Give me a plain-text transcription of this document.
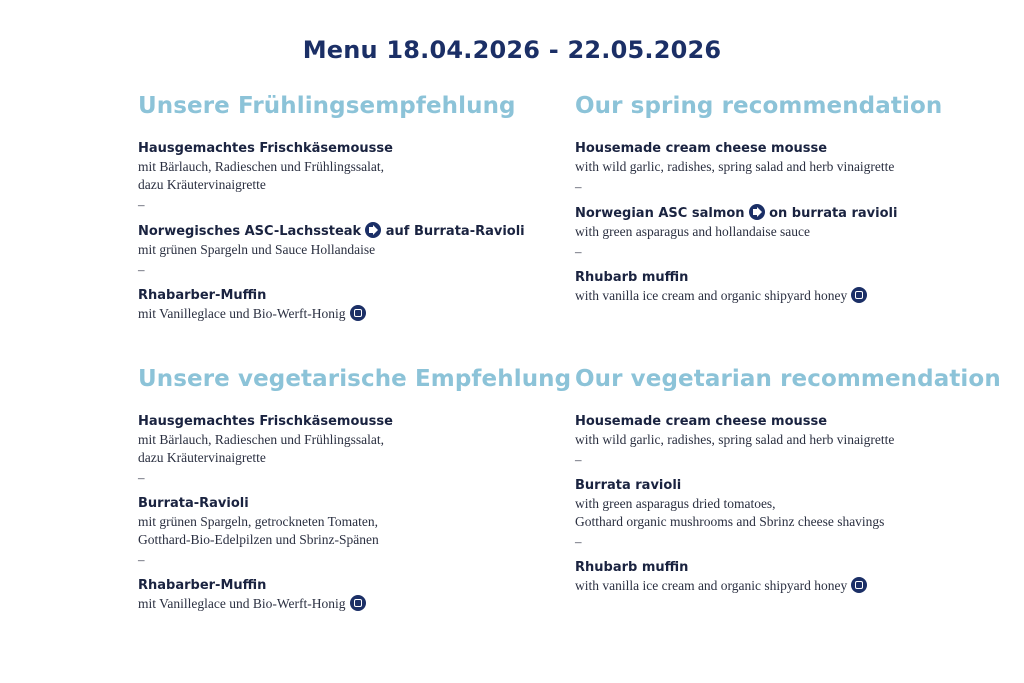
Menu 18.04.2026 - 22.05.2026
Unsere Frühlingsempfehlung
Hausgemachtes Frischkäsemousse
mit Bärlauch, Radieschen und Frühlingssalat,
dazu Kräutervinaigrette
–
Norwegisches ASC-Lachssteak auf Burrata-Ravioli
mit grünen Spargeln und Sauce Hollandaise
–
Rhabarber-Muffin
mit Vanilleglace und Bio-Werft-Honig
Unsere vegetarische Empfehlung
Hausgemachtes Frischkäsemousse
mit Bärlauch, Radieschen und Frühlingssalat,
dazu Kräutervinaigrette
–
Burrata-Ravioli
mit grünen Spargeln, getrockneten Tomaten,
Gotthard-Bio-Edelpilzen und Sbrinz-Spänen
–
Rhabarber-Muffin
mit Vanilleglace und Bio-Werft-Honig
Our spring recommendation
Housemade cream cheese mousse
with wild garlic, radishes, spring salad and herb vinaigrette
–
Norwegian ASC salmon on burrata ravioli
with green asparagus and hollandaise sauce
–
Rhubarb muffin
with vanilla ice cream and organic shipyard honey
Our vegetarian recommendation
Housemade cream cheese mousse
with wild garlic, radishes, spring salad and herb vinaigrette
–
Burrata ravioli
with green asparagus dried tomatoes,
Gotthard organic mushrooms and Sbrinz cheese shavings
–
Rhubarb muffin
with vanilla ice cream and organic shipyard honey
